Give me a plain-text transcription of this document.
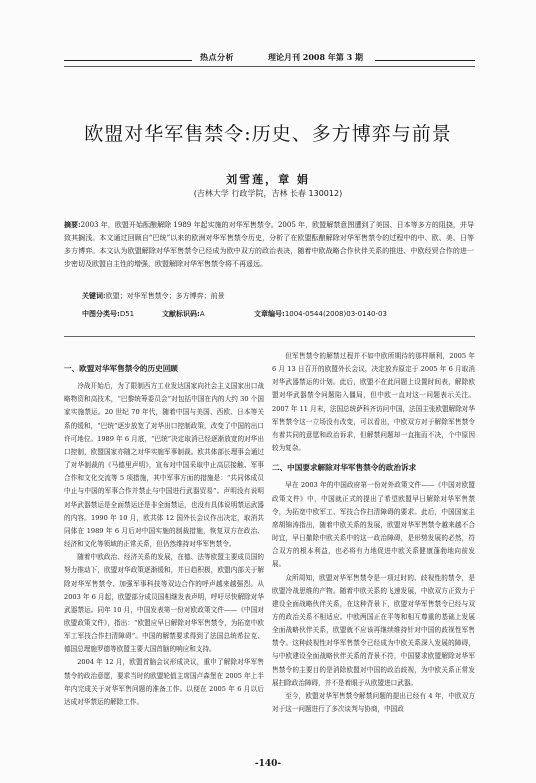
热点分析	理论月刊 2008 年第 3 期
欧盟对华军售禁令:历史、多方博弈与前景
刘雪莲，章 娟
(吉林大学 行政学院，吉林 长春 130012)
摘要:2003 年，欧盟开始酝酿解除 1989 年起实施的对华军售禁令。2005 年，欧盟解禁意图遭到了美国、日本等多方的阻挠，并导致其搁浅。本文通过回顾自“巴统”以来的欧洲对华军售禁令历史，分析了在欧盟酝酿解除对华军售禁令的过程中的中、欧、美、日等多方博弈。本文认为欧盟解除对华军售禁令已经成为欧中双方的政治表决，随着中欧战略合作伙伴关系的推进、中欧经贸合作的进一步密切及欧盟自主性的增强，欧盟解除对华军售禁令将不再遥远。
关键词:欧盟；对华军售禁令；多方博弈；前景
中图分类号:D51	文献标识码:A	文章编号:1004-0544(2008)03-0140-03
一、欧盟对华军售禁令的历史回顾

冷战开始后，为了限制西方工业发达国家向社会主义国家出口战略物资和高技术，“巴黎统筹委员会”对包括中国在内的大约 30 个国家实施禁运。20 世纪 70 年代，随着中国与美国、西欧、日本等关系的缓和，“巴统”逐步放宽了对华出口控制政策，改变了中国的出口许可地位。1989 年 6 月底，“巴统”决定取消已经逐渐放宽的对华出口控制，欧盟国家亦随之对华实施军事制裁。欧共体部长理事会通过了对华制裁的《马德里声明》，宣布对中国采取中止高层接触、军事合作和文化交流等 5 项措施，其中军事方面的措施是：“共同体成员中止与中国的军事合作并禁止与中国进行武器贸易”。声明没有说明对华武器禁运是全面禁运还是非全面禁运，也没有具体说明禁运武器的内容。1990 年 10 月，欧共体 12 国外长会议作出决定，取消共同体在 1989 年 6 月后对中国实施的制裁措施，恢复双方在政治、经济和文化等领域的正常关系，但仍然维持对华军售禁令。

随着中欧政治、经济关系的发展，在德、法等欧盟主要成员国的努力推动下，欧盟对华政策逐渐缓和，并日趋积极，欧盟内部关于解除对华军售禁令、加强军事科技等双边合作的呼声越来越强烈。从 2003 年 6 月起，欧盟部分成员国相继发表声明，呼吁尽快解除对华武器禁运。同年 10 月，中国发表第一份对欧政策文件——《中国对欧盟政策文件》，指出：“欧盟应早日解除对华军售禁令，为拓宽中欧军工军技合作扫清障碍”。中国的解禁要求得到了法国总统希拉克、德国总理施罗德等欧盟主要大国首脑的响应和支持。

2004 年 12 月，欧盟首脑会议形成决议，重申了解除对华军售禁令的政治意愿，要求当时的欧盟轮值主席国卢森堡在 2005 年上半年内完成关于对华军售问题的准备工作。以便在 2005 年 6 月以后达成对华禁运的解除工作。

但军售禁令的解禁过程并不如中欧所期待的那样顺利，2005 年 6 月 13 日召开的欧盟外长会议，决定放弃原定于 2005 年 6 月取消对华武器禁运的计划。此后，欧盟不在此问题上设置时间表，解除欧盟对华武器禁令问题陷入僵局，但中欧一直对这一问题表示关注。2007 年 11 月末，法国总统萨科齐访问中国，法国主张欧盟解除对华军售禁令这一立场没有改变，可以看出，中欧双方对于解除军售禁令有着共同的意愿和政治诉求，但解禁问题却一直拖而不决，个中原因较为复杂。

二、中国要求解除对华军售禁令的政治诉求

早在 2003 年的中国政府第一份对外政策文件——《中国对欧盟政策文件》中，中国就正式的提出了希望欧盟早日解除对华军售禁令，为拓宽中欧军工、军技合作扫清障碍的要求。此后，中国国家主席胡锦涛指出，随着中欧关系的发展，欧盟对华军售禁令越来越不合时宜，早日撤除中欧关系中的这一政治障碍，是形势发展的必然，符合双方的根本利益，也必将有力地促进中欧关系健康蓬勃地向前发展。

众所周知，欧盟对华军售禁令是一项过时的、歧视性的禁令，是欧盟冷战思维的产物。随着中欧关系的飞速发展，中欧双方正致力于建设全面战略伙伴关系，在这种背景下，欧盟对华军售禁令已经与双方的政治关系不相适应。中欧两国正在平等和相互尊重的基础上发展全面战略伙伴关系，欧盟就不应该再继续维持针对中国的歧视性军售禁令。这种歧视性对华军售禁令已经成为中欧关系深入发展的障碍，与中欧建设全面战略伙伴关系的背景不符，中国要求欧盟解除对华军售禁令的主要目的是消除欧盟对中国的政治歧视，为中欧关系正常发展扫除政治障碍，并不是着眼于从欧盟进口武器。

至今，欧盟对华军售禁令解禁问题的提出已经有 4 年，中欧双方对于这一问题进行了多次谈判与协商，中国政

-140-
